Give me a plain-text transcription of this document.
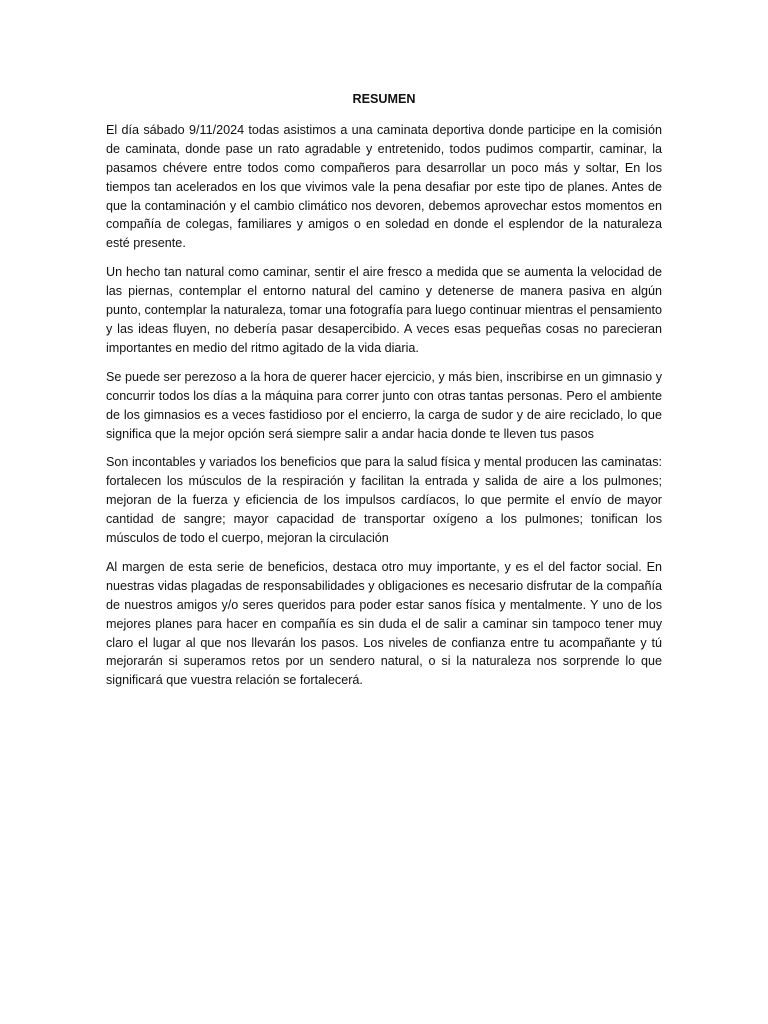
RESUMEN

El día sábado 9/11/2024 todas asistimos a una caminata deportiva donde participe en la comisión de caminata, donde pase un rato agradable y entretenido, todos pudimos compartir, caminar, la pasamos chévere entre todos como compañeros para desarrollar un poco más y soltar, En los tiempos tan acelerados en los que vivimos vale la pena desafiar por este tipo de planes. Antes de que la contaminación y el cambio climático nos devoren, debemos aprovechar estos momentos en compañía de colegas, familiares y amigos o en soledad en donde el esplendor de la naturaleza esté presente.

Un hecho tan natural como caminar, sentir el aire fresco a medida que se aumenta la velocidad de las piernas, contemplar el entorno natural del camino y detenerse de manera pasiva en algún punto, contemplar la naturaleza, tomar una fotografía para luego continuar mientras el pensamiento y las ideas fluyen, no debería pasar desapercibido. A veces esas pequeñas cosas no parecieran importantes en medio del ritmo agitado de la vida diaria.

Se puede ser perezoso a la hora de querer hacer ejercicio, y más bien, inscribirse en un gimnasio y concurrir todos los días a la máquina para correr junto con otras tantas personas. Pero el ambiente de los gimnasios es a veces fastidioso por el encierro, la carga de sudor y de aire reciclado, lo que significa que la mejor opción será siempre salir a andar hacia donde te lleven tus pasos

Son incontables y variados los beneficios que para la salud física y mental producen las caminatas: fortalecen los músculos de la respiración y facilitan la entrada y salida de aire a los pulmones; mejoran de la fuerza y eficiencia de los impulsos cardíacos, lo que permite el envío de mayor cantidad de sangre; mayor capacidad de transportar oxígeno a los pulmones; tonifican los músculos de todo el cuerpo, mejoran la circulación

Al margen de esta serie de beneficios, destaca otro muy importante, y es el del factor social. En nuestras vidas plagadas de responsabilidades y obligaciones es necesario disfrutar de la compañía de nuestros amigos y/o seres queridos para poder estar sanos física y mentalmente. Y uno de los mejores planes para hacer en compañía es sin duda el de salir a caminar sin tampoco tener muy claro el lugar al que nos llevarán los pasos. Los niveles de confianza entre tu acompañante y tú mejorarán si superamos retos por un sendero natural, o si la naturaleza nos sorprende lo que significará que vuestra relación se fortalecerá.
